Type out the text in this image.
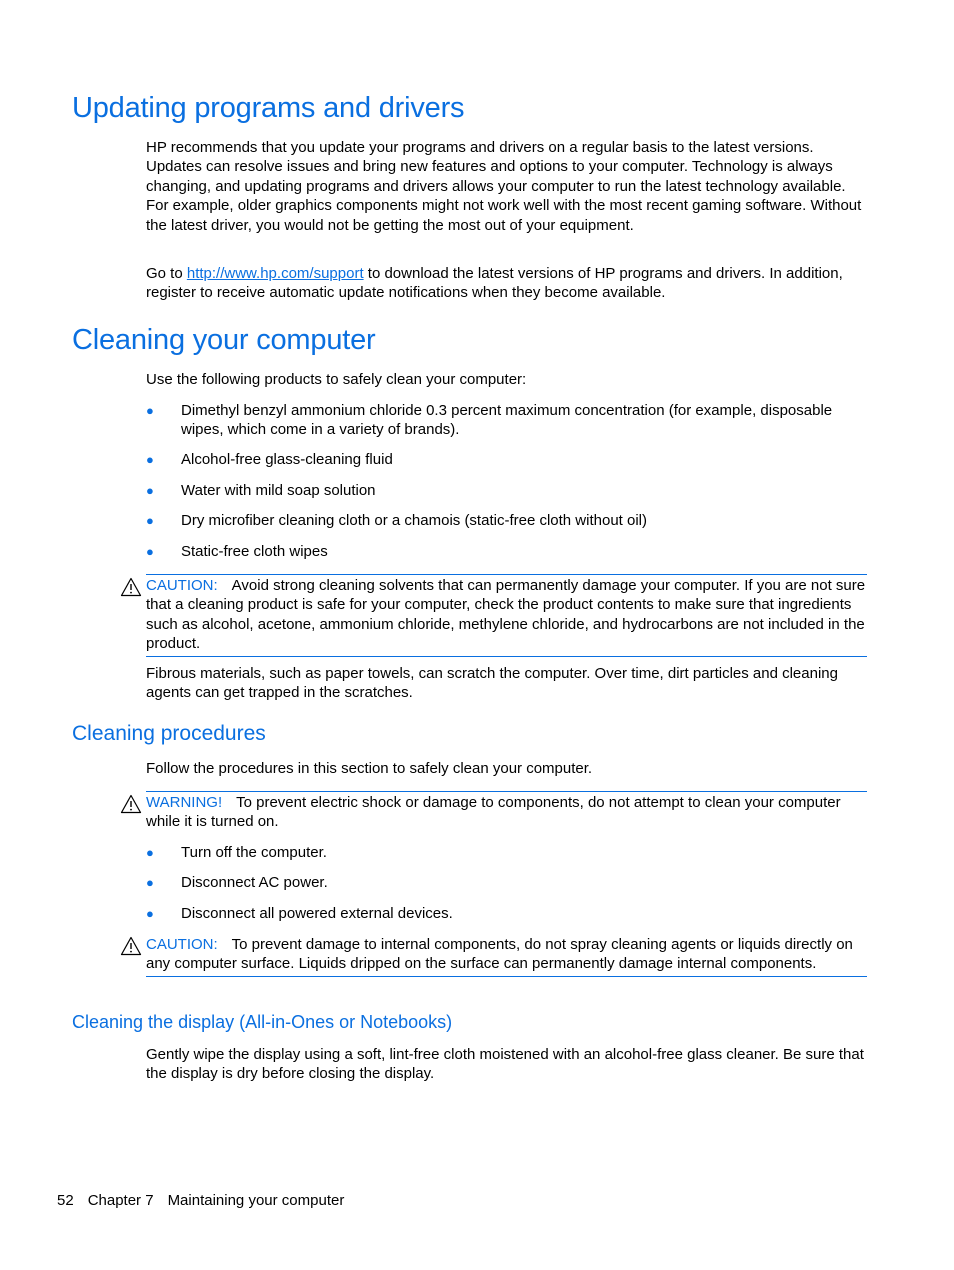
Updating programs and drivers

HP recommends that you update your programs and drivers on a regular basis to the latest versions. Updates can resolve issues and bring new features and options to your computer. Technology is always changing, and updating programs and drivers allows your computer to run the latest technology available. For example, older graphics components might not work well with the most recent gaming software. Without the latest driver, you would not be getting the most out of your equipment.

Go to http://www.hp.com/support to download the latest versions of HP programs and drivers. In addition, register to receive automatic update notifications when they become available.

Cleaning your computer

Use the following products to safely clean your computer:

● Dimethyl benzyl ammonium chloride 0.3 percent maximum concentration (for example, disposable wipes, which come in a variety of brands).
● Alcohol-free glass-cleaning fluid
● Water with mild soap solution
● Dry microfiber cleaning cloth or a chamois (static-free cloth without oil)
● Static-free cloth wipes
CAUTION: Avoid strong cleaning solvents that can permanently damage your computer. If you are not sure that a cleaning product is safe for your computer, check the product contents to make sure that ingredients such as alcohol, acetone, ammonium chloride, methylene chloride, and hydrocarbons are not included in the product.

Fibrous materials, such as paper towels, can scratch the computer. Over time, dirt particles and cleaning agents can get trapped in the scratches.

Cleaning procedures

Follow the procedures in this section to safely clean your computer.

WARNING! To prevent electric shock or damage to components, do not attempt to clean your computer while it is turned on.
● Turn off the computer.
● Disconnect AC power.
● Disconnect all powered external devices.
CAUTION: To prevent damage to internal components, do not spray cleaning agents or liquids directly on any computer surface. Liquids dripped on the surface can permanently damage internal components.
Cleaning the display (All-in-Ones or Notebooks)

Gently wipe the display using a soft, lint-free cloth moistened with an alcohol-free glass cleaner. Be sure that the display is dry before closing the display.

52 Chapter 7 Maintaining your computer
